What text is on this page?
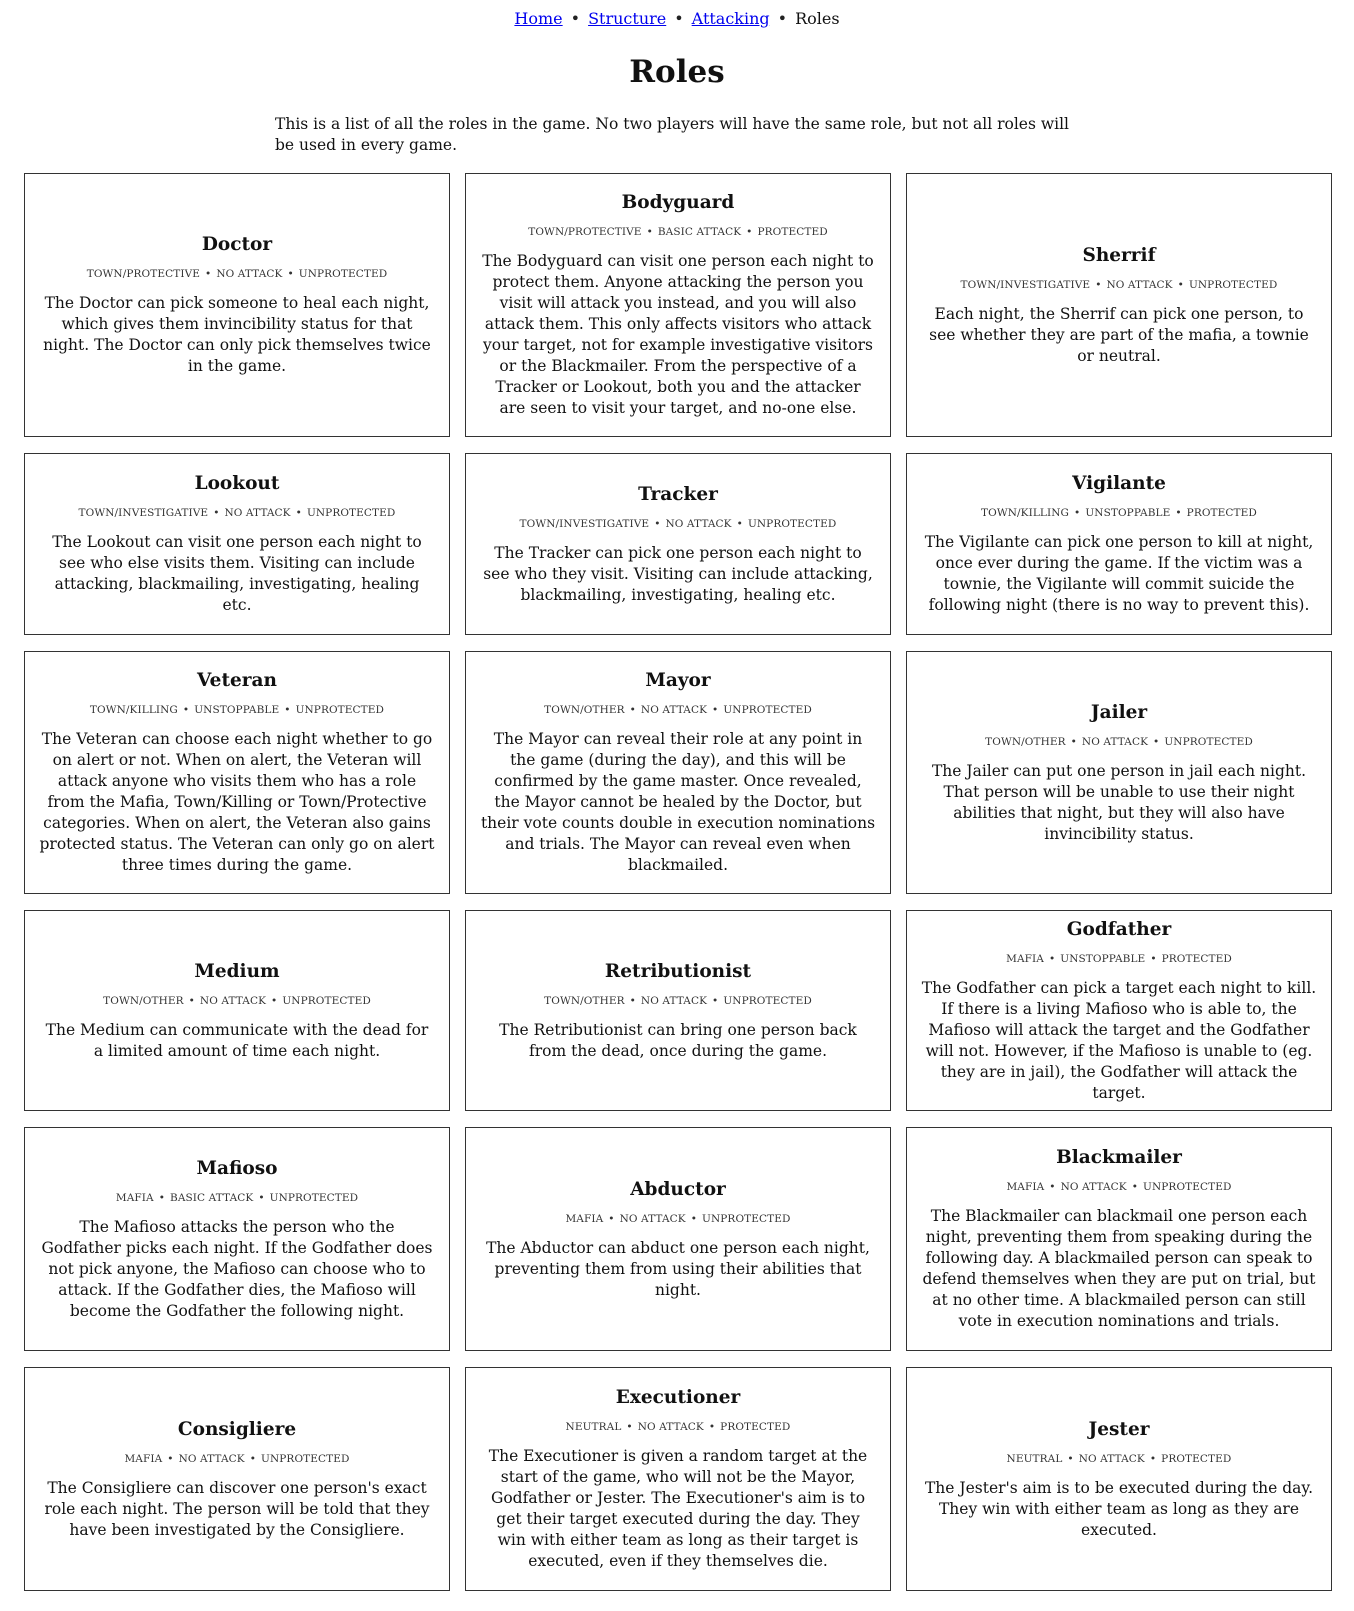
Home • Structure • Attacking • Roles
Roles

This is a list of all the roles in the game. No two players will have the same role, but not all roles will be used in every game.

Doctor
TOWN/PROTECTIVE • NO ATTACK • UNPROTECTED

The Doctor can pick someone to heal each night, which gives them invincibility status for that night. The Doctor can only pick themselves twice in the game.

Bodyguard
TOWN/PROTECTIVE • BASIC ATTACK • PROTECTED

The Bodyguard can visit one person each night to protect them. Anyone attacking the person you visit will attack you instead, and you will also attack them. This only affects visitors who attack your target, not for example investigative visitors or the Blackmailer. From the perspective of a Tracker or Lookout, both you and the attacker are seen to visit your target, and no-one else.

Sherrif
TOWN/INVESTIGATIVE • NO ATTACK • UNPROTECTED

Each night, the Sherrif can pick one person, to see whether they are part of the mafia, a townie or neutral.

Lookout
TOWN/INVESTIGATIVE • NO ATTACK • UNPROTECTED

The Lookout can visit one person each night to see who else visits them. Visiting can include attacking, blackmailing, investigating, healing etc.

Tracker
TOWN/INVESTIGATIVE • NO ATTACK • UNPROTECTED

The Tracker can pick one person each night to see who they visit. Visiting can include attacking, blackmailing, investigating, healing etc.

Vigilante
TOWN/KILLING • UNSTOPPABLE • PROTECTED

The Vigilante can pick one person to kill at night, once ever during the game. If the victim was a townie, the Vigilante will commit suicide the following night (there is no way to prevent this).

Veteran
TOWN/KILLING • UNSTOPPABLE • UNPROTECTED

The Veteran can choose each night whether to go on alert or not. When on alert, the Veteran will attack anyone who visits them who has a role from the Mafia, Town/Killing or Town/Protective categories. When on alert, the Veteran also gains protected status. The Veteran can only go on alert three times during the game.

Mayor
TOWN/OTHER • NO ATTACK • UNPROTECTED

The Mayor can reveal their role at any point in the game (during the day), and this will be confirmed by the game master. Once revealed, the Mayor cannot be healed by the Doctor, but their vote counts double in execution nominations and trials. The Mayor can reveal even when blackmailed.

Jailer
TOWN/OTHER • NO ATTACK • UNPROTECTED

The Jailer can put one person in jail each night. That person will be unable to use their night abilities that night, but they will also have invincibility status.

Medium
TOWN/OTHER • NO ATTACK • UNPROTECTED

The Medium can communicate with the dead for a limited amount of time each night.

Retributionist
TOWN/OTHER • NO ATTACK • UNPROTECTED

The Retributionist can bring one person back from the dead, once during the game.

Godfather
MAFIA • UNSTOPPABLE • PROTECTED

The Godfather can pick a target each night to kill. If there is a living Mafioso who is able to, the Mafioso will attack the target and the Godfather will not. However, if the Mafioso is unable to (eg. they are in jail), the Godfather will attack the target.

Mafioso
MAFIA • BASIC ATTACK • UNPROTECTED

The Mafioso attacks the person who the Godfather picks each night. If the Godfather does not pick anyone, the Mafioso can choose who to attack. If the Godfather dies, the Mafioso will become the Godfather the following night.

Abductor
MAFIA • NO ATTACK • UNPROTECTED

The Abductor can abduct one person each night, preventing them from using their abilities that night.

Blackmailer
MAFIA • NO ATTACK • UNPROTECTED

The Blackmailer can blackmail one person each night, preventing them from speaking during the following day. A blackmailed person can speak to defend themselves when they are put on trial, but at no other time. A blackmailed person can still vote in execution nominations and trials.

Consigliere
MAFIA • NO ATTACK • UNPROTECTED

The Consigliere can discover one person's exact role each night. The person will be told that they have been investigated by the Consigliere.

Executioner
NEUTRAL • NO ATTACK • PROTECTED

The Executioner is given a random target at the start of the game, who will not be the Mayor, Godfather or Jester. The Executioner's aim is to get their target executed during the day. They win with either team as long as their target is executed, even if they themselves die.

Jester
NEUTRAL • NO ATTACK • PROTECTED

The Jester's aim is to be executed during the day. They win with either team as long as they are executed.
